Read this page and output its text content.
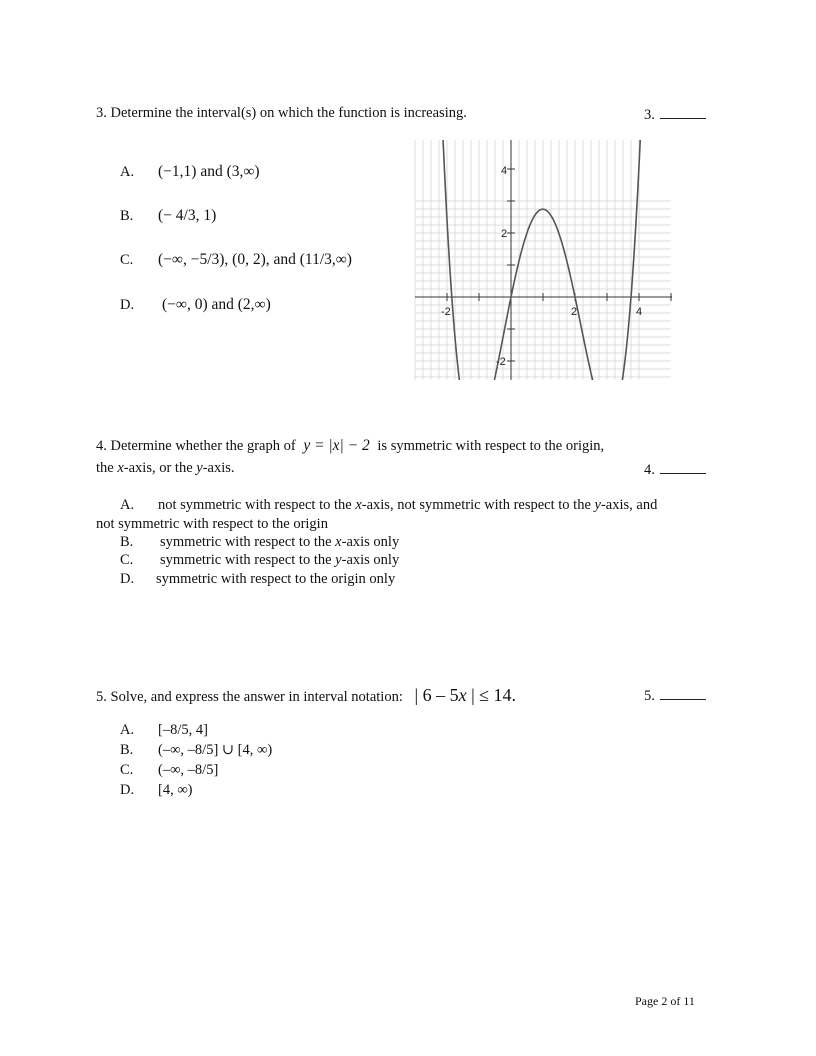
3. Determine the interval(s) on which the function is increasing.	3.
A. (−1,1) and (3,∞)
B. (− 4/3, 1)
C. (−∞, −5/3), (0, 2), and (11/3,∞)
D. (−∞, 0) and (2,∞)	-2	2	4
4
2
-2
4. Determine whether the graph of y = |x| − 2 is symmetric with respect to the origin,
the x-axis, or the y-axis.	4.
A. not symmetric with respect to the x-axis, not symmetric with respect to the y-axis, and
not symmetric with respect to the origin
B. symmetric with respect to the x-axis only
C. symmetric with respect to the y-axis only
D. symmetric with respect to the origin only
5. Solve, and express the answer in interval notation: | 6 – 5x | ≤ 14.	5.
A. [–8/5, 4]
B. (–∞, –8/5] ∪ [4, ∞)
C. (–∞, –8/5]
D. [4, ∞)
Page 2 of 11
